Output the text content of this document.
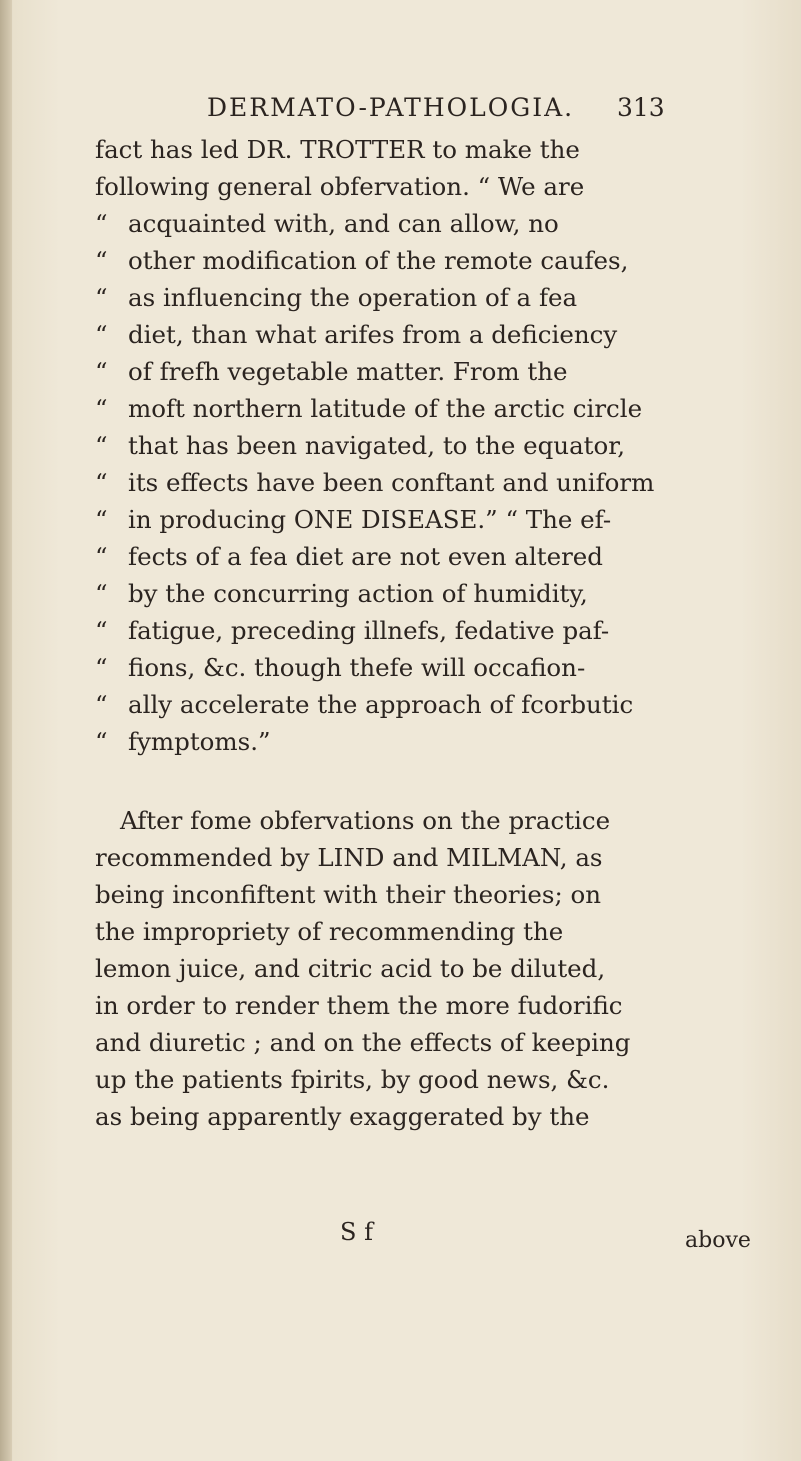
DERMATO-PATHOLOGIA.	313
fact has led DR. TROTTER to make the
following general obfervation. “ We are
“ acquainted with, and can allow, no
“ other modification of the remote caufes,
“ as influencing the operation of a fea
“ diet, than what arifes from a deficiency
“ of frefh vegetable matter. From the
“ moft northern latitude of the arctic circle
“ that has been navigated, to the equator,
“ its effects have been conftant and uniform
“ in producing ONE DISEASE.” “ The ef-
“ fects of a fea diet are not even altered
“ by the concurring action of humidity,
“ fatigue, preceding illnefs, fedative paf-
“ fions, &c. though thefe will occafion-
“ ally accelerate the approach of fcorbutic
“ fymptoms.”
After fome obfervations on the practice
recommended by LIND and MILMAN, as
being inconfiftent with their theories; on
the impropriety of recommending the
lemon juice, and citric acid to be diluted,
in order to render them the more fudorific
and diuretic ; and on the effects of keeping
up the patients fpirits, by good news, &c.
as being apparently exaggerated by the
S f	above
